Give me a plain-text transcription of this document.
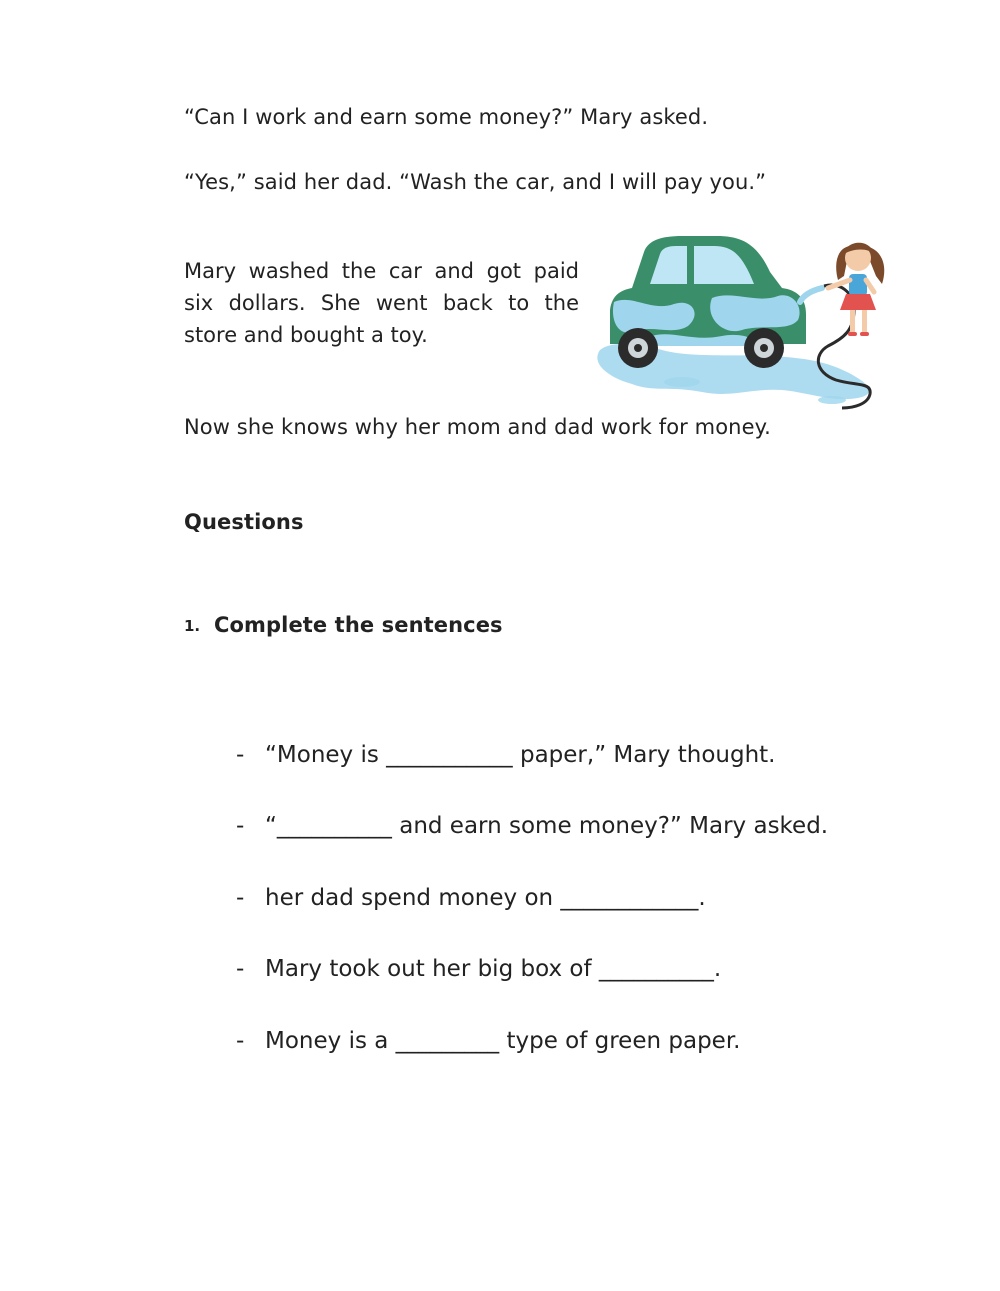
“Can I work and earn some money?” Mary asked.
“Yes,” said her dad. “Wash the car, and I will pay you.”
Mary washed the car and got paid six dollars. She went back to the store and bought a toy.
Now she knows why her mom and dad work for money.
Questions
1. Complete the sentences
- “Money is ___________ paper,” Mary thought.
- “__________ and earn some money?” Mary asked.
- her dad spend money on ____________.
- Mary took out her big box of __________.
- Money is a _________ type of green paper.
